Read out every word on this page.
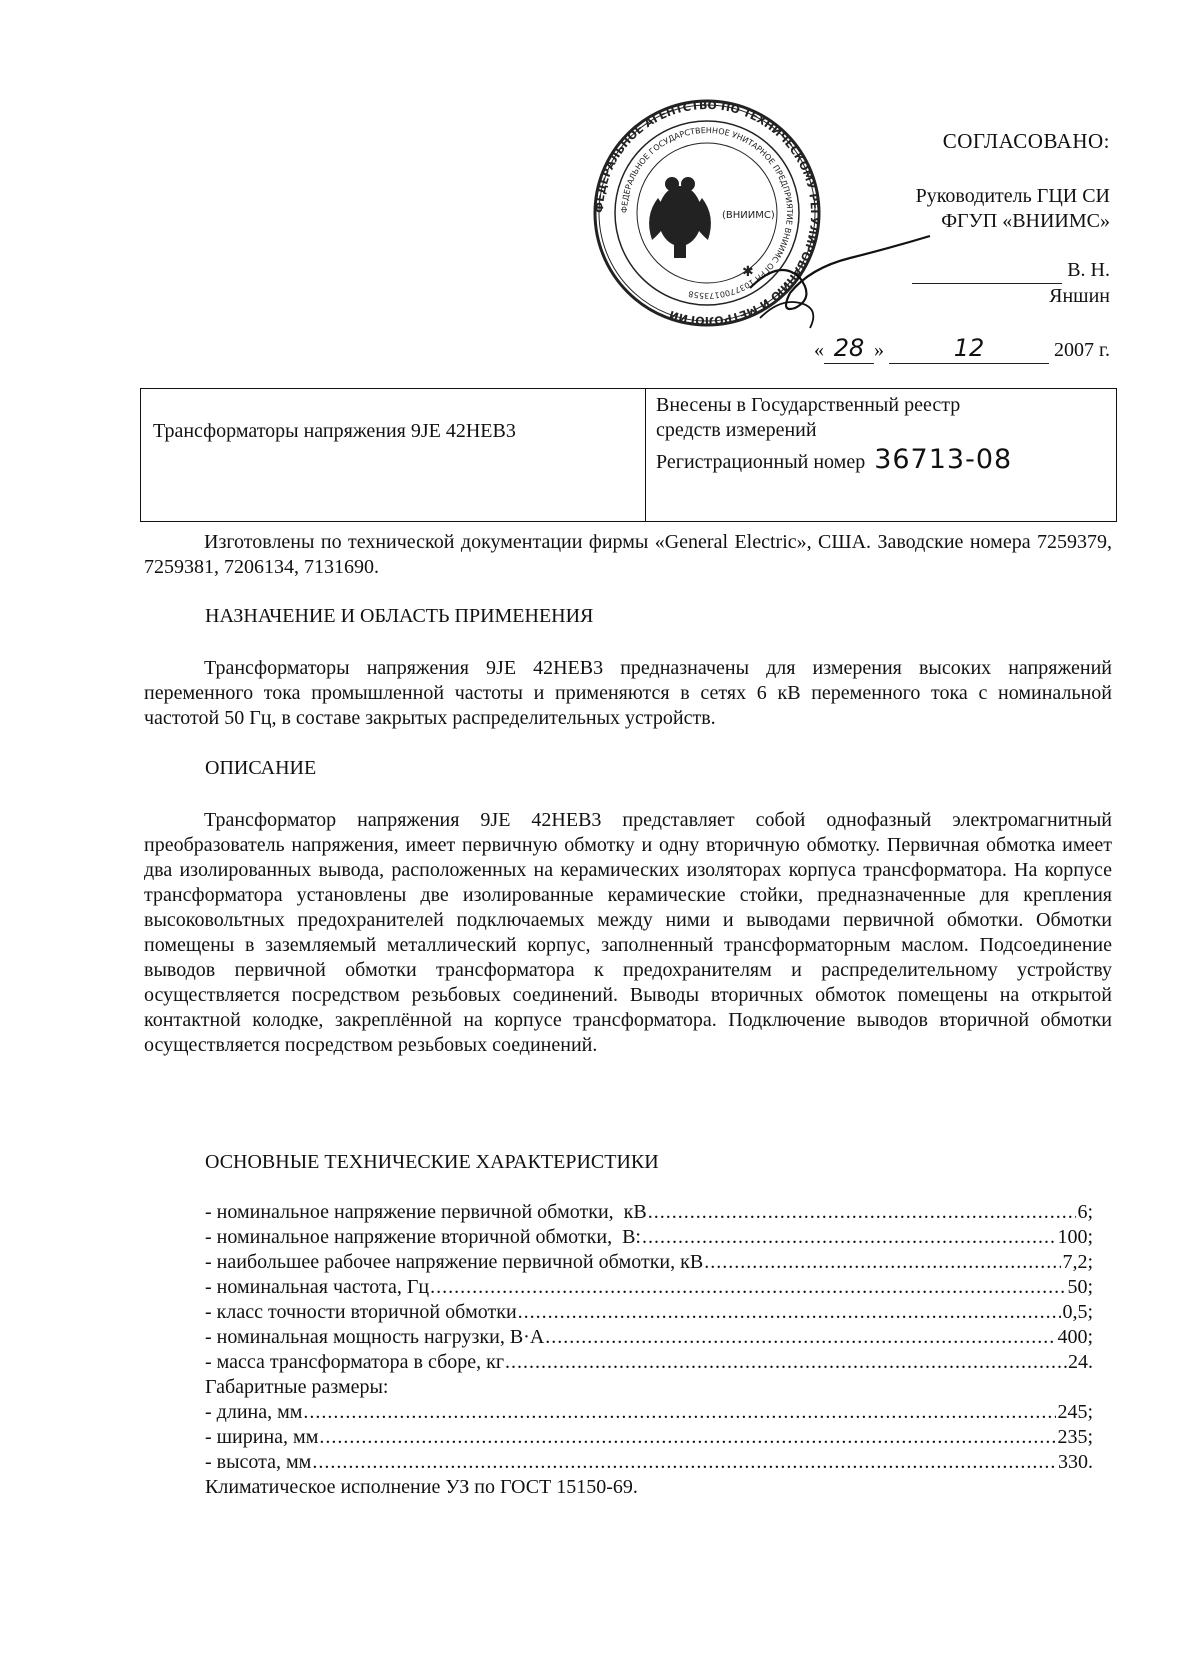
ФЕДЕРАЛЬНОЕ АГЕНТСТВО ПО ТЕХНИЧЕСКОМУ РЕГУЛИРОВАНИЮ И МЕТРОЛОГИИ
ФЕДЕРАЛЬНОЕ ГОСУДАРСТВЕННОЕ УНИТАРНОЕ ПРЕДПРИЯТИЕ ВНИИМС ОГРН 1037700173558
✱
(ВНИИМС)
СОГЛАСОВАНО:
Руководитель ГЦИ СИ
ФГУП «ВНИИМС»
В. Н. Яншин
« 28 »	12	2007 г.
Трансформаторы напряжения 9JE 42HEB3
Внесены в Государственный реестр
средств измерений
Регистрационный номер 36713-08
Изготовлены по технической документации фирмы «General Electric», США. Заводские номера 7259379, 7259381, 7206134, 7131690.
НАЗНАЧЕНИЕ И ОБЛАСТЬ ПРИМЕНЕНИЯ
Трансформаторы напряжения 9JE 42HEB3 предназначены для измерения высоких напряжений переменного тока промышленной частоты и применяются в сетях 6 кВ переменного тока с номинальной частотой 50 Гц, в составе закрытых распределительных устройств.
ОПИСАНИЕ
Трансформатор напряжения 9JE 42HEB3 представляет собой однофазный электромагнитный преобразователь напряжения, имеет первичную обмотку и одну вторичную обмотку. Первичная обмотка имеет два изолированных вывода, расположенных на керамических изоляторах корпуса трансформатора. На корпусе трансформатора установлены две изолированные керамические стойки, предназначенные для крепления высоковольтных предохранителей подключаемых между ними и выводами первичной обмотки. Обмотки помещены в заземляемый металлический корпус, заполненный трансформаторным маслом. Подсоединение выводов первичной обмотки трансформатора к предохранителям и распределительному устройству осуществляется посредством резьбовых соединений. Выводы вторичных обмоток помещены на открытой контактной колодке, закреплённой на корпусе трансформатора. Подключение выводов вторичной обмотки осуществляется посредством резьбовых соединений.
ОСНОВНЫЕ ТЕХНИЧЕСКИЕ ХАРАКТЕРИСТИКИ
- номинальное напряжение первичной обмотки,  кВ .....	6;
- номинальное напряжение вторичной обмотки,  В: .....	100;
- наибольшее рабочее напряжение первичной обмотки, кВ .....	7,2;
- номинальная частота, Гц .....	50;
- класс точности вторичной обмотки .....	0,5;
- номинальная мощность нагрузки, В·А .....	400;
- масса трансформатора в сборе, кг .....	24.
Габаритные размеры:
- длина, мм .....	245;
- ширина, мм .....	235;
- высота, мм .....	330.
Климатическое исполнение УЗ по ГОСТ 15150-69.
